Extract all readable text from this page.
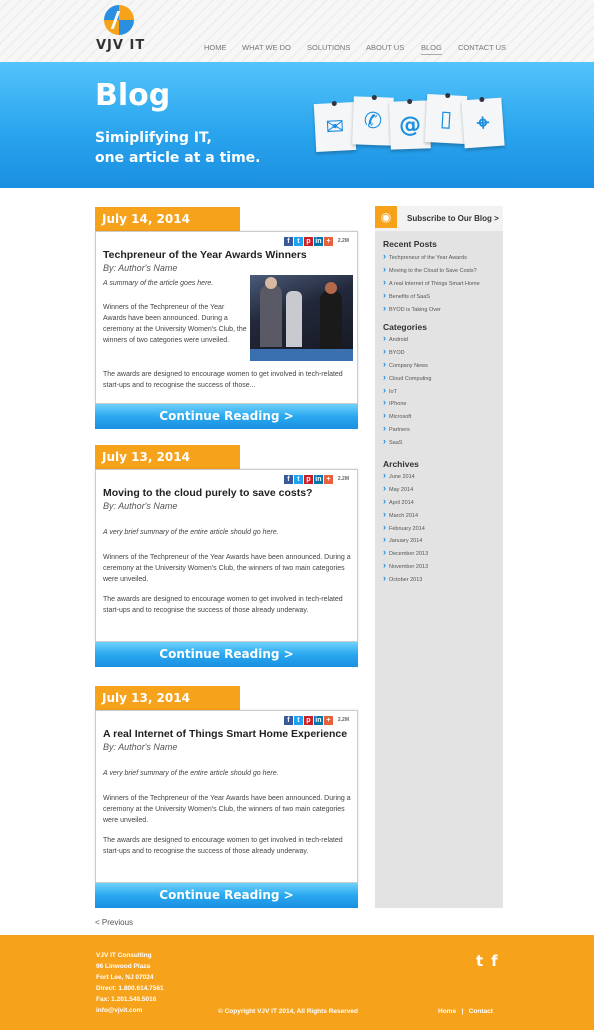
VJV IT	HOME WHAT WE DO SOLUTIONS ABOUT US BLOG CONTACT US
Blog
Simiplifying IT,
one article at a time.
✉ ✆ @ ▯	⌖
July 14, 2014
f	t p in +	2.2M
Techpreneur of the Year Awards Winners
By: Author's Name
A summary of the article goes here.
Winners of the Techpreneur of the Year Awards have been announced. During a ceremony at the University Women's Club, the winners of two categories were unveiled.
The awards are designed to encourage women to get involved in tech-related start-ups and to recognise the success of those...
Continue Reading >
July 13, 2014
f	t p in +	2.2M
Moving to the cloud purely to save costs?
By: Author's Name
A very brief summary of the entire article should go here.
Winners of the Techpreneur of the Year Awards have been announced. During a ceremony at the University Women's Club, the winners of two main categories were unveiled.
The awards are designed to encourage women to get involved in tech-related start-ups and to recognise the success of those already underway.
Continue Reading >
July 13, 2014
f	t p in +	2.2M
A real Internet of Things Smart Home Experience
By: Author's Name
A very brief summary of the entire article should go here.
Winners of the Techpreneur of the Year Awards have been announced. During a ceremony at the University Women's Club, the winners of two main categories were unveiled.
The awards are designed to encourage women to get involved in tech-related start-ups and to recognise the success of those already underway.
Continue Reading >
< Previous
◉	Subscribe to Our Blog >
Recent Posts
› Techpreneur of the Year Awards
› Moving to the Cloud to Save Costs?
› A real Internet of Things Smart Home
› Benefits of SaaS
› BYOD is Taking Over
Categories
› Android
› BYOD
› Company News
› Cloud Computing
› IoT
› IPhone
› Microsoft
› Partners
› SaaS
Archives
› June 2014
› May 2014
› April 2014
› March 2014
› February 2014
› January 2014
› December 2013
› November 2013
› October 2013
VJV IT Consulting
96 Linwood Plaza
Fort Lee, NJ 07024
Direct: 1.800.614.7561
Fax: 1.201.548.5016
info@vjvit.com	© Copyright VJV IT 2014, All Rights Reserved	Home | Contact
t f
